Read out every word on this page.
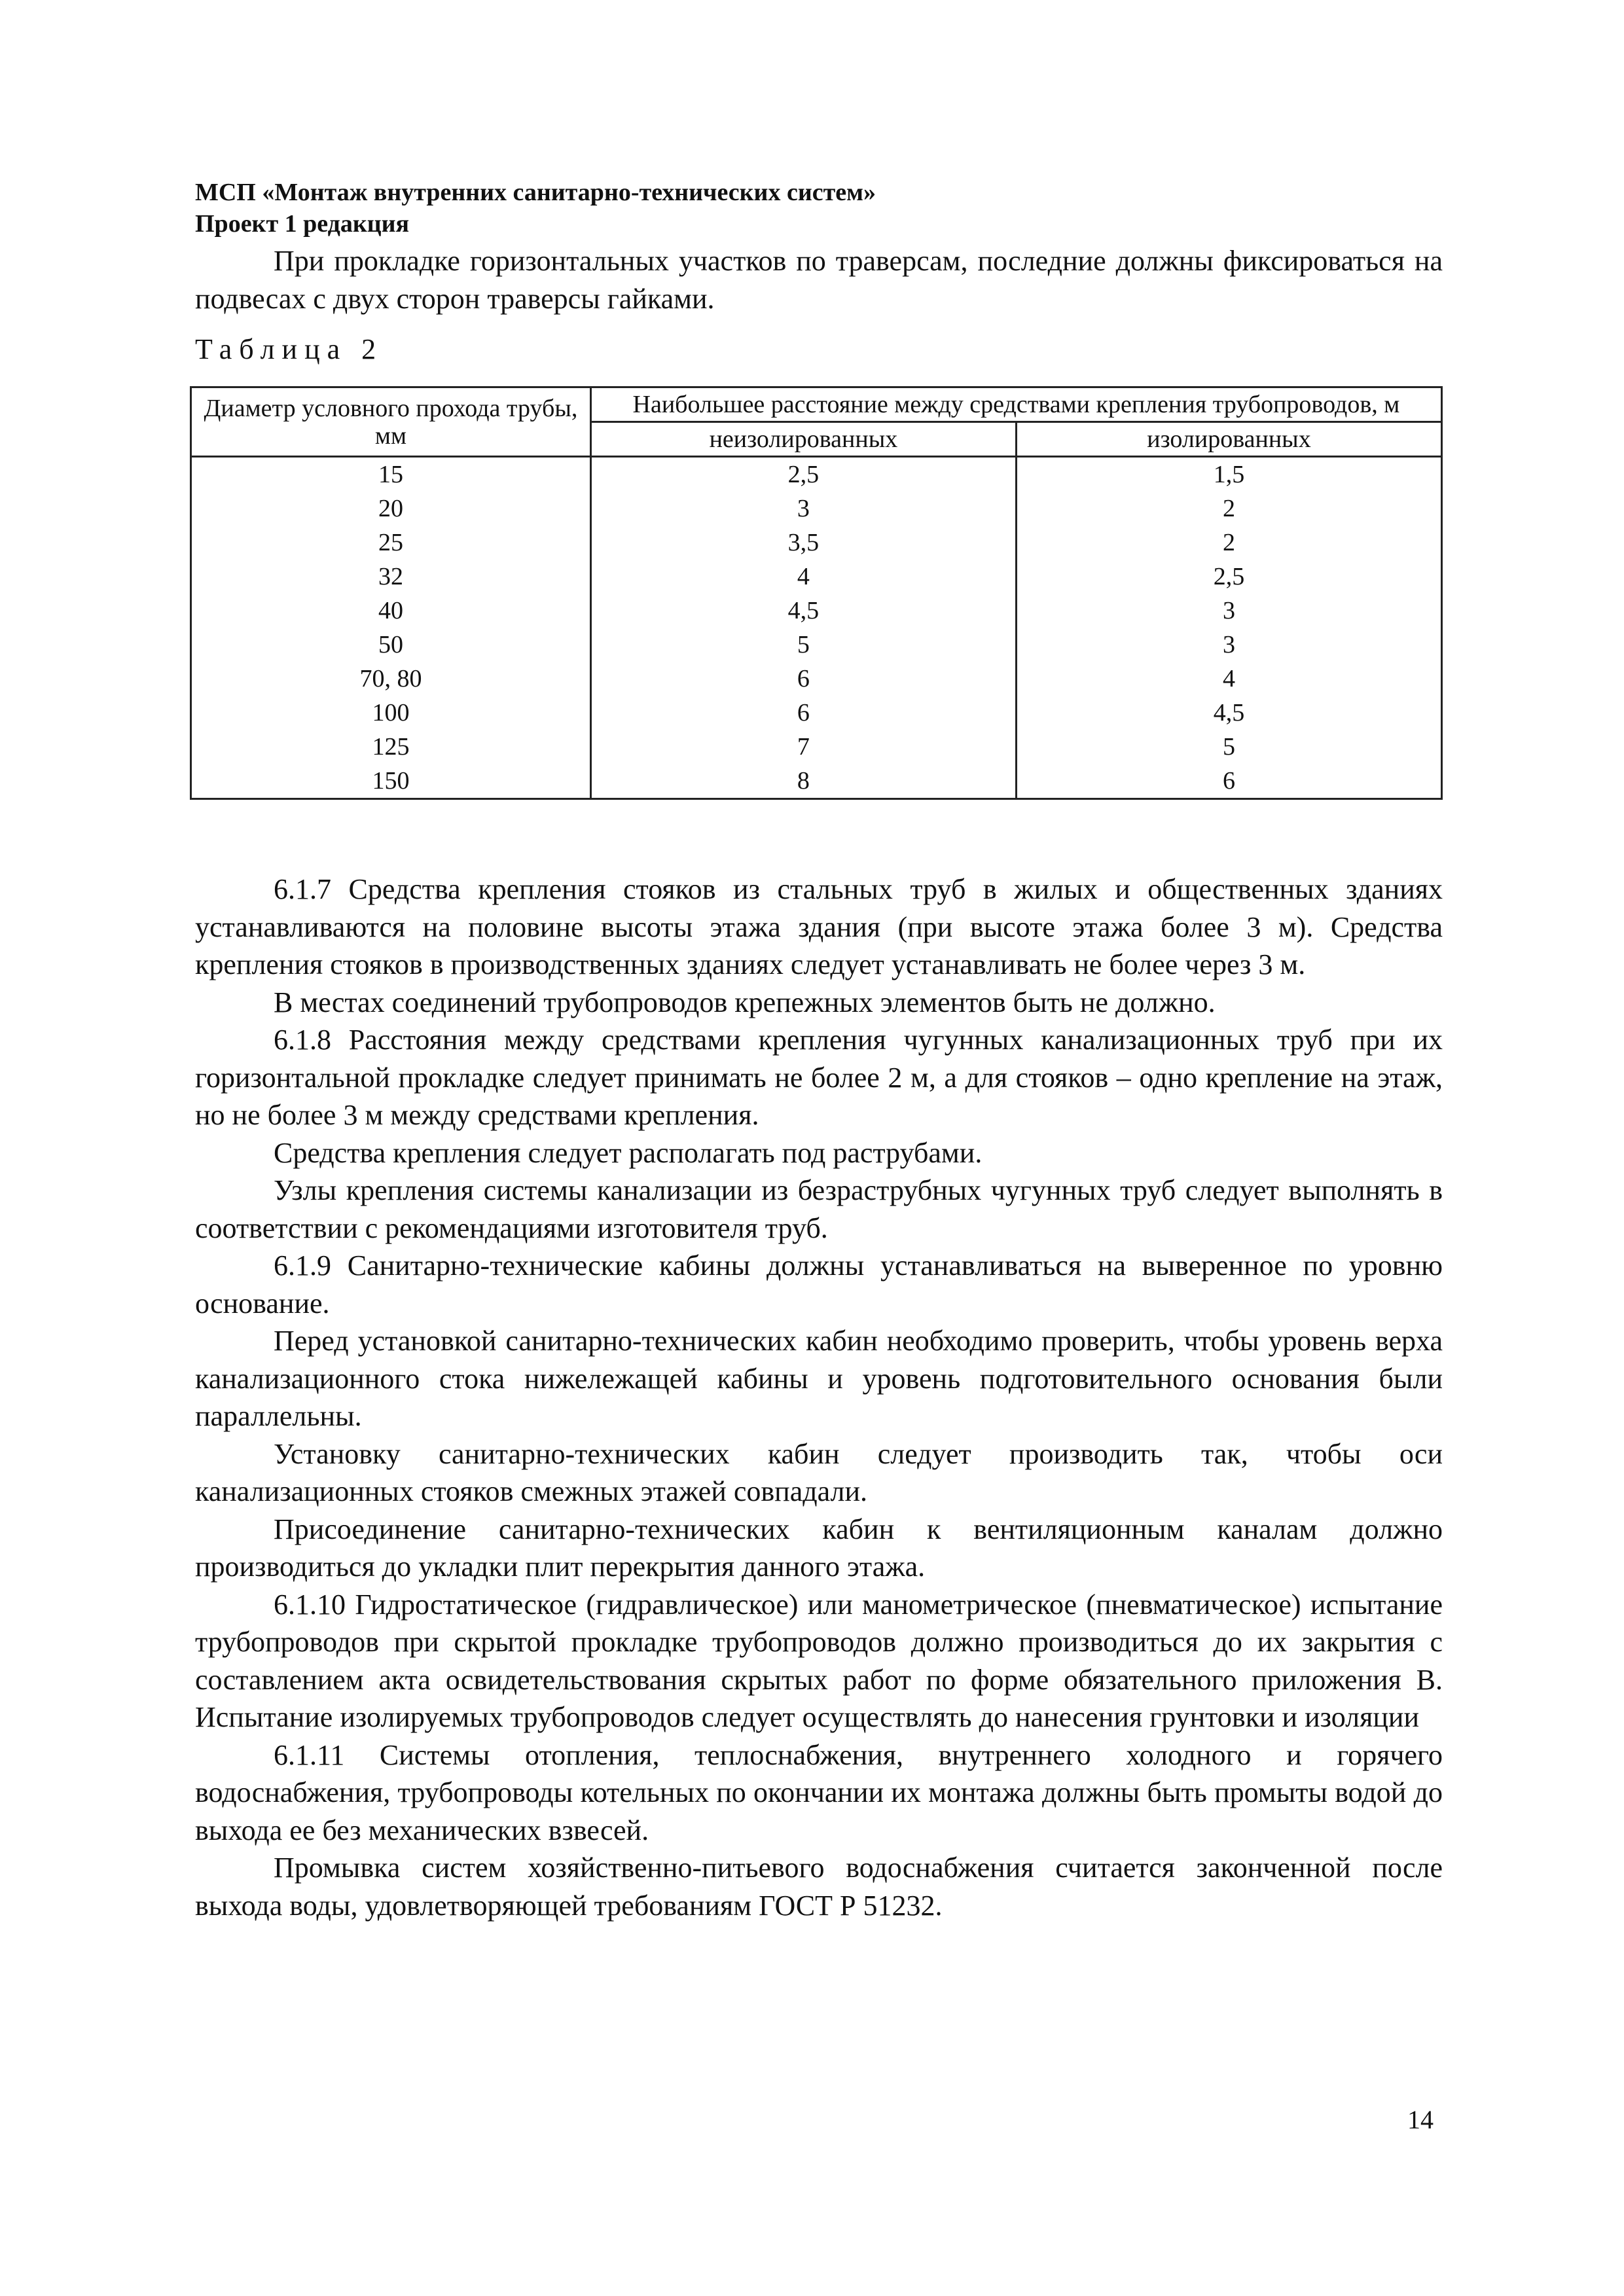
МСП «Монтаж внутренних санитарно-технических систем»
Проект 1 редакция

При прокладке горизонтальных участков по траверсам, последние должны фиксироваться на подвесах с двух сторон траверсы гайками.

Таблица 2
Диаметр условного прохода трубы, мм	Наибольшее расстояние между средствами крепления трубопроводов, м	
	неизолированных	изолированных
15	2,5	1,5
20	3	2
25	3,5	2
32	4	2,5
40	4,5	3
50	5	3
70, 80	6	4
100	6	4,5
125	7	5
150	8	6

6.1.7 Средства крепления стояков из стальных труб в жилых и общественных зданиях устанавливаются на половине высоты этажа здания (при высоте этажа более 3 м). Средства крепления стояков в производственных зданиях следует устанавливать не более через 3 м.

В местах соединений трубопроводов крепежных элементов быть не должно.

6.1.8 Расстояния между средствами крепления чугунных канализационных труб при их горизонтальной прокладке следует принимать не более 2 м, а для стояков – одно крепление на этаж, но не более 3 м между средствами крепления.

Средства крепления следует располагать под раструбами.

Узлы крепления системы канализации из безраструбных чугунных труб следует выполнять в соответствии с рекомендациями изготовителя труб.

6.1.9 Санитарно-технические кабины должны устанавливаться на выверенное по уровню основание.

Перед установкой санитарно-технических кабин необходимо проверить, чтобы уровень верха канализационного стока нижележащей кабины и уровень подготовительного основания были параллельны.

Установку санитарно-технических кабин следует производить так, чтобы оси канализационных стояков смежных этажей совпадали.

Присоединение санитарно-технических кабин к вентиляционным каналам должно производиться до укладки плит перекрытия данного этажа.

6.1.10 Гидростатическое (гидравлическое) или манометрическое (пневматическое) испытание трубопроводов при скрытой прокладке трубопроводов должно производиться до их закрытия с составлением акта освидетельствования скрытых работ по форме обязательного приложения В. Испытание изолируемых трубопроводов следует осуществлять до нанесения грунтовки и изоляции

6.1.11 Системы отопления, теплоснабжения, внутреннего холодного и горячего водоснабжения, трубопроводы котельных по окончании их монтажа должны быть промыты водой до выхода ее без механических взвесей.

Промывка систем хозяйственно-питьевого водоснабжения считается законченной после выхода воды, удовлетворяющей требованиям ГОСТ Р 51232.

14
